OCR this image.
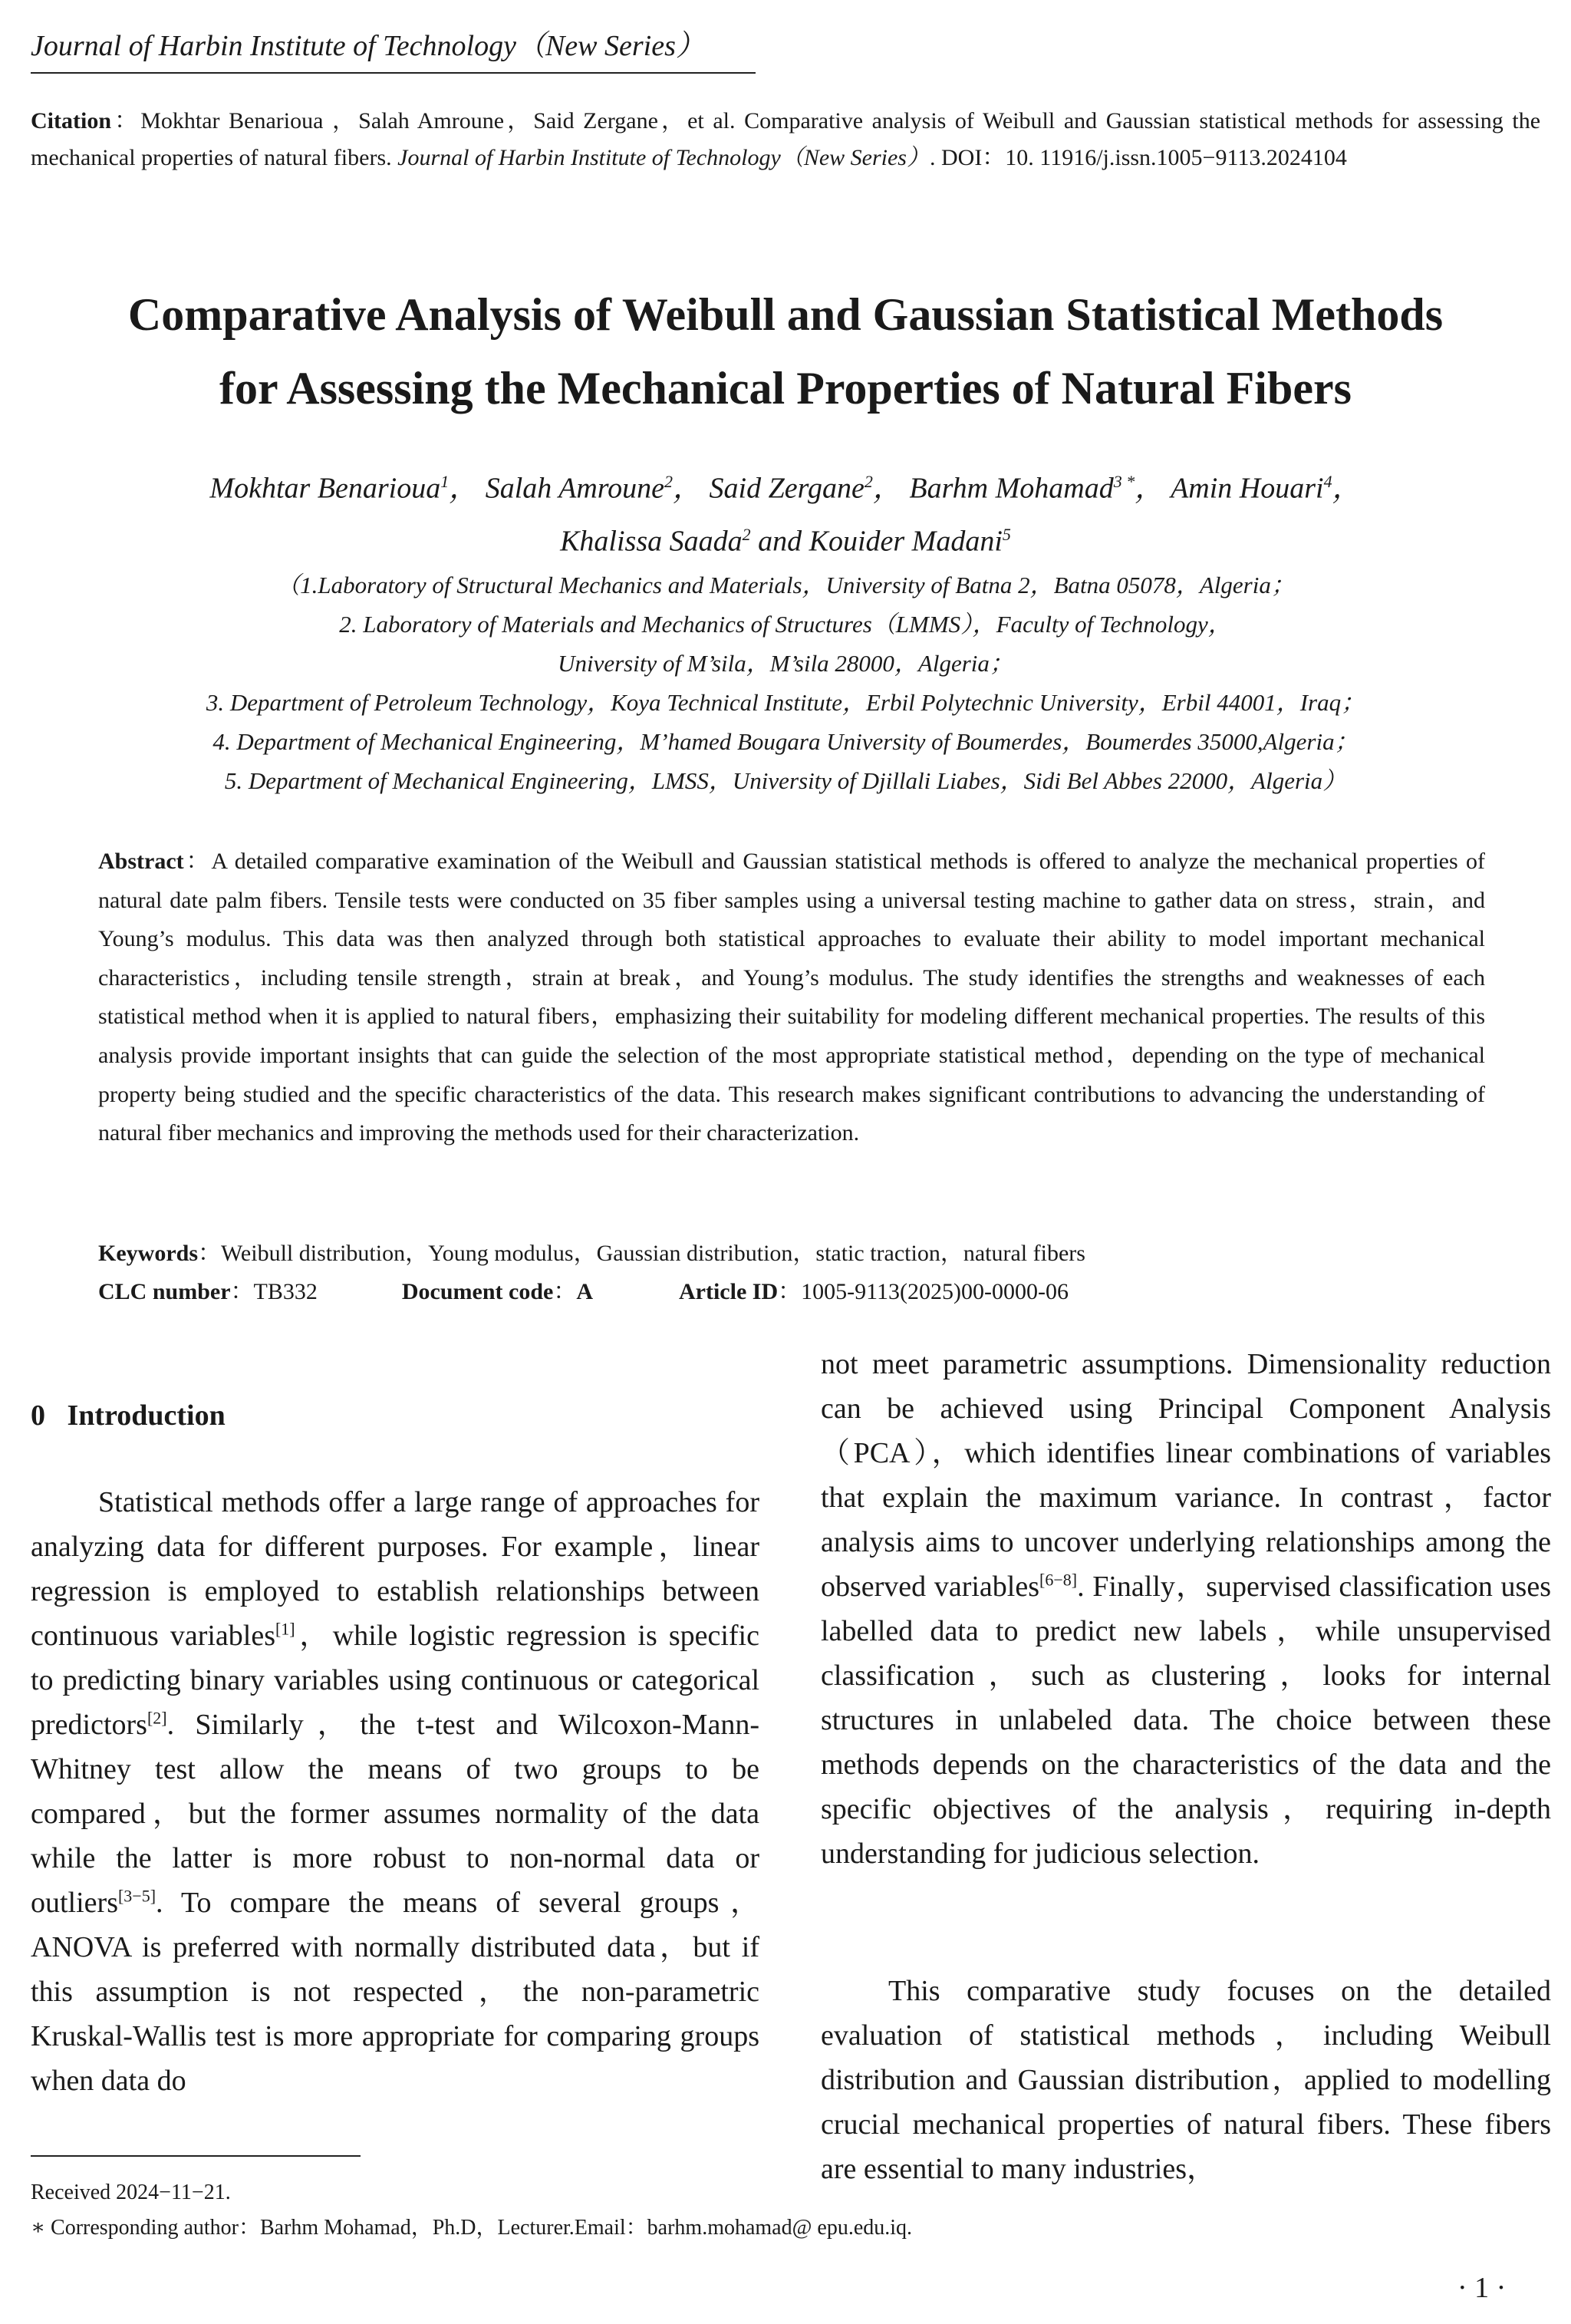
Journal of Harbin Institute of Technology（New Series）

Citation：Mokhtar Benarioua ，Salah Amroune，Said Zergane，et al. Comparative analysis of Weibull and Gaussian statistical methods for assessing the mechanical properties of natural fibers. Journal of Harbin Institute of Technology（New Series）. DOI：10. 11916/j.issn.1005−9113.2024104

Comparative Analysis of Weibull and Gaussian Statistical Methods
for Assessing the Mechanical Properties of Natural Fibers

Mokhtar Benarioua$^1$， Salah Amroune$^2$， Said Zergane$^2$， Barhm Mohamad$^{3 *}$， Amin Houari$^4$，
Khalissa Saada$^2$ and Kouider Madani$^5$

（1.Laboratory of Structural Mechanics and Materials，University of Batna 2，Batna 05078，Algeria；
2. Laboratory of Materials and Mechanics of Structures（LMMS），Faculty of Technology，
University of M’sila，M’sila 28000，Algeria；
3. Department of Petroleum Technology，Koya Technical Institute，Erbil Polytechnic University，Erbil 44001，Iraq；
4. Department of Mechanical Engineering，M’hamed Bougara University of Boumerdes，Boumerdes 35000,Algeria；
5. Department of Mechanical Engineering，LMSS，University of Djillali Liabes，Sidi Bel Abbes 22000，Algeria）

Abstract：A detailed comparative examination of the Weibull and Gaussian statistical methods is offered to analyze the mechanical properties of natural date palm fibers. Tensile tests were conducted on 35 fiber samples using a universal testing machine to gather data on stress，strain，and Young’s modulus. This data was then analyzed through both statistical approaches to evaluate their ability to model important mechanical characteristics，including tensile strength，strain at break，and Young’s modulus. The study identifies the strengths and weaknesses of each statistical method when it is applied to natural fibers，emphasizing their suitability for modeling different mechanical properties. The results of this analysis provide important insights that can guide the selection of the most appropriate statistical method，depending on the type of mechanical property being studied and the specific characteristics of the data. This research makes significant contributions to advancing the understanding of natural fiber mechanics and improving the methods used for their characterization.

Keywords：Weibull distribution，Young modulus，Gaussian distribution，static traction，natural fibers

CLC number：TB332	Document code：A	Article ID：1005-9113(2025)00-0000-06

0 Introduction

Statistical methods offer a large range of approaches for analyzing data for different purposes. For example，linear regression is employed to establish relationships between continuous variables[1]，while logistic regression is specific to predicting binary variables using continuous or categorical predictors[2]. Similarly，the t-test and Wilcoxon-Mann-Whitney test allow the means of two groups to be compared，but the former assumes normality of the data while the latter is more robust to non-normal data or outliers[3−5]. To compare the means of several groups，ANOVA is preferred with normally distributed data，but if this assumption is not respected，the non-parametric Kruskal-Wallis test is more appropriate for comparing groups when data do

not meet parametric assumptions. Dimensionality reduction can be achieved using Principal Component Analysis（PCA），which identifies linear combinations of variables that explain the maximum variance. In contrast，factor analysis aims to uncover underlying relationships among the observed variables[6−8]. Finally，supervised classification uses labelled data to predict new labels，while unsupervised classification，such as clustering，looks for internal structures in unlabeled data. The choice between these methods depends on the characteristics of the data and the specific objectives of the analysis，requiring in-depth understanding for judicious selection.

This comparative study focuses on the detailed evaluation of statistical methods，including Weibull distribution and Gaussian distribution，applied to modelling crucial mechanical properties of natural fibers. These fibers are essential to many industries，

Received 2024−11−21.

∗ Corresponding author：Barhm Mohamad，Ph.D，Lecturer.Email：barhm.mohamad@ epu.edu.iq.

· 1 ·
